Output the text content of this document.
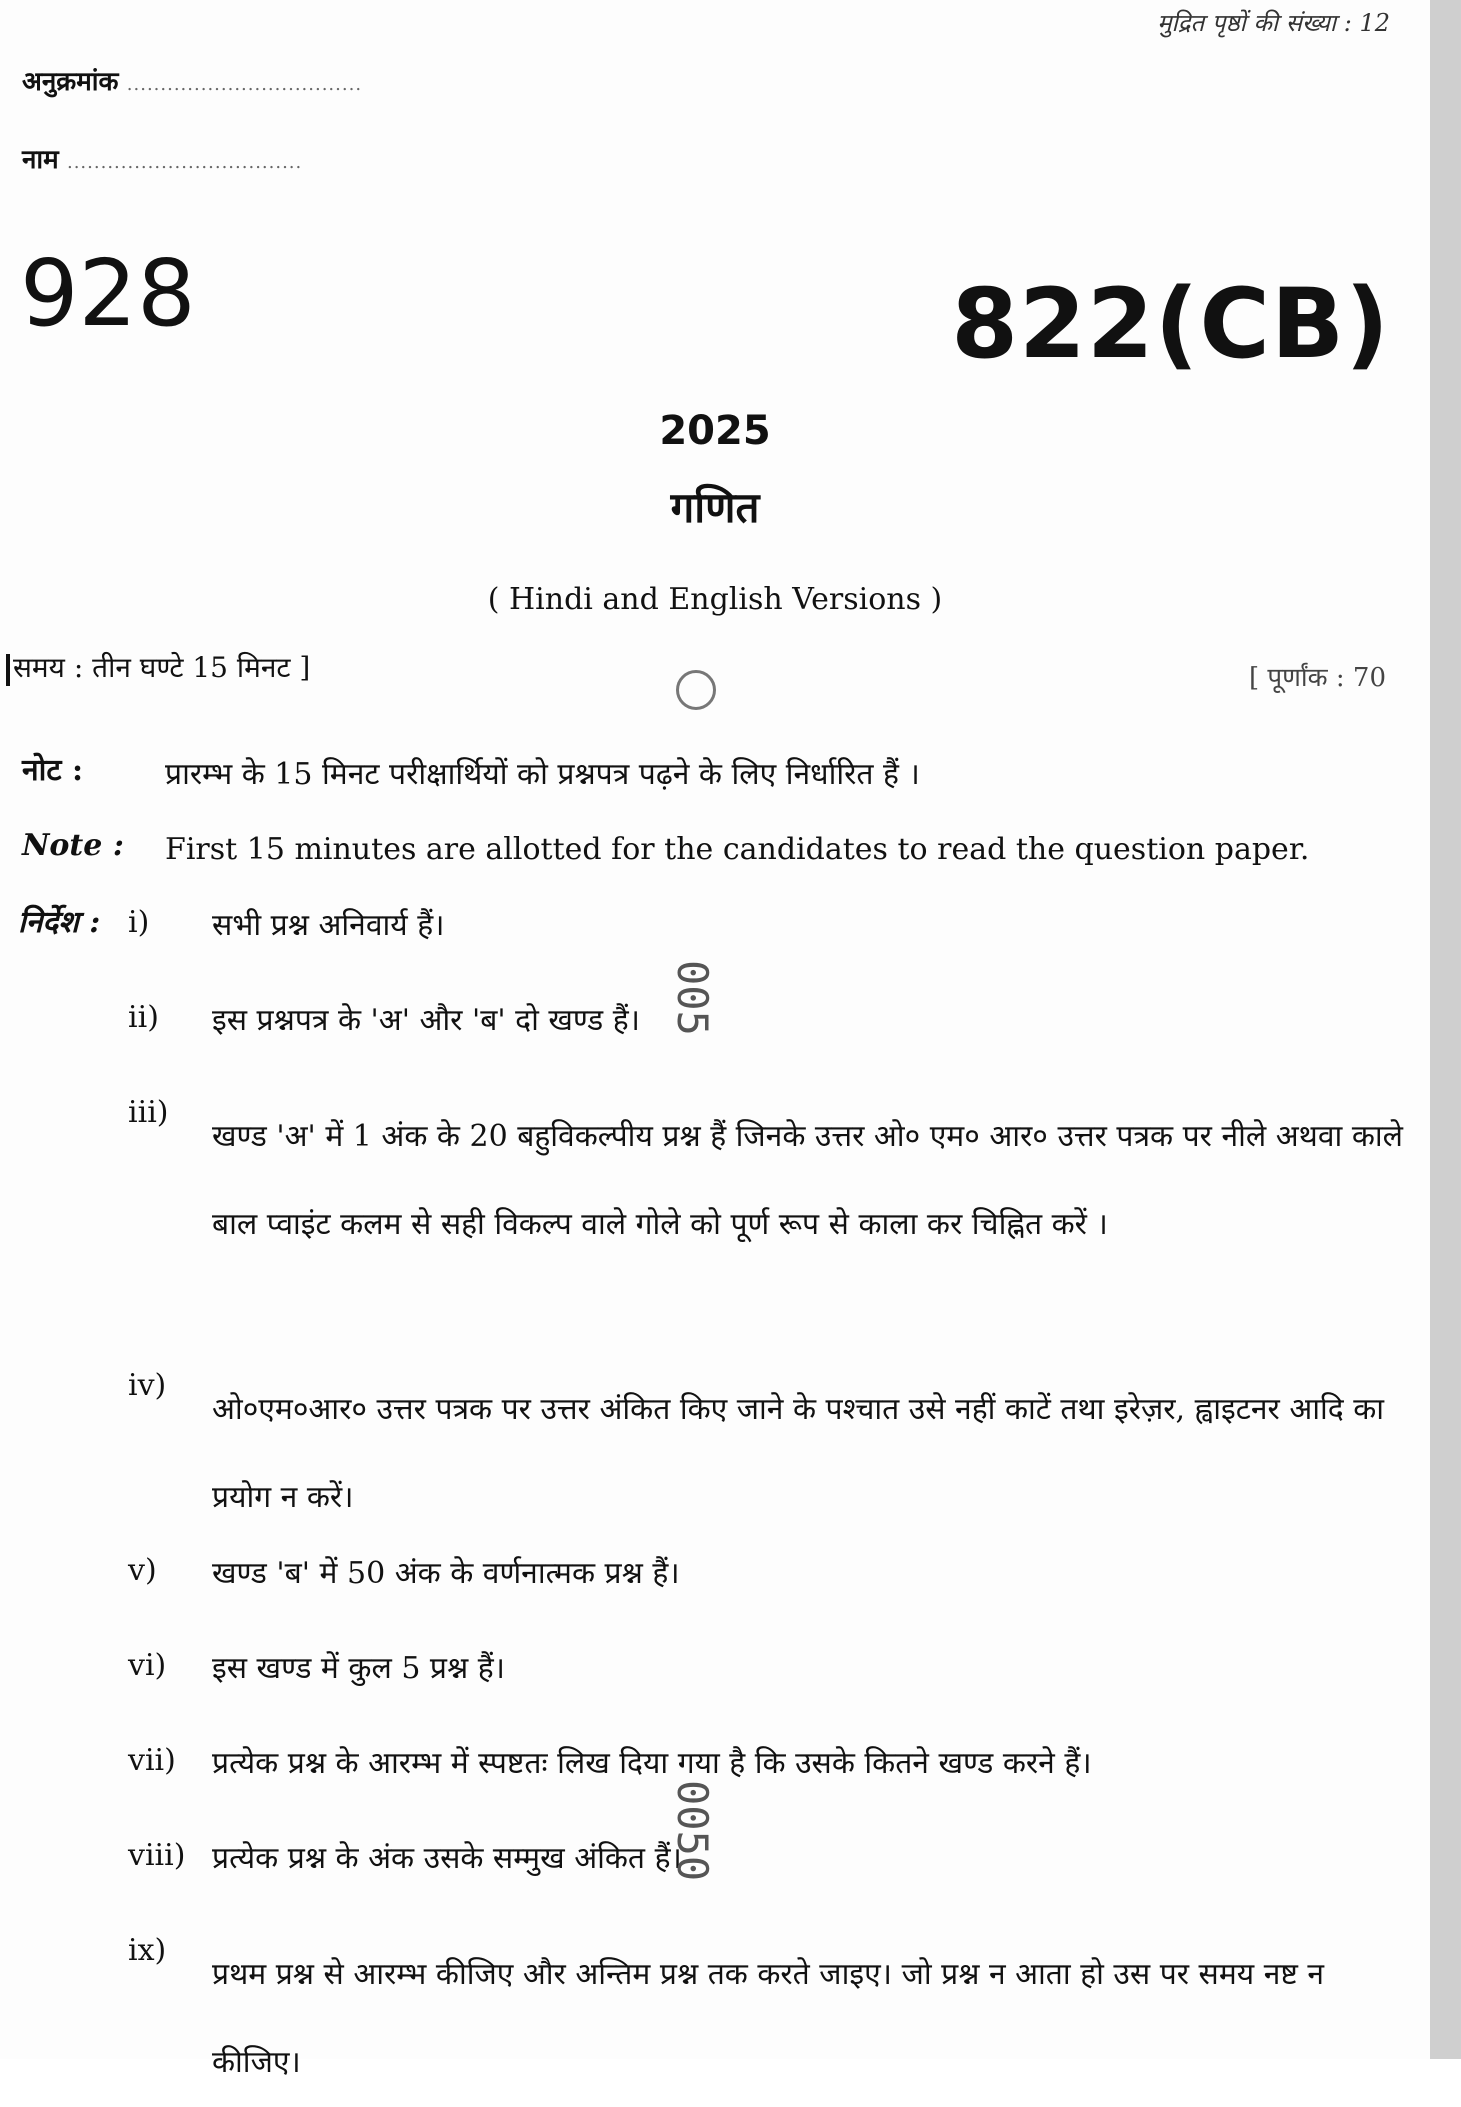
मुद्रित पृष्ठों की संख्या : 12
अनुक्रमांक ...................................
नाम ...................................
928	822(CB)
2025
गणित
( Hindi and English Versions )
समय : तीन घण्टे 15 मिनट ]	[ पूर्णांक : 70
नोट :	प्रारम्भ के 15 मिनट परीक्षार्थियों को प्रश्नपत्र पढ़ने के लिए निर्धारित हैं ।
Note : First 15 minutes are allotted for the candidates to read the question paper.
निर्देश : i) सभी प्रश्न अनिवार्य हैं।
ii) इस प्रश्नपत्र के 'अ' और 'ब' दो खण्ड हैं।
iii)
खण्ड 'अ' में 1 अंक के 20 बहुविकल्पीय प्रश्न हैं जिनके उत्तर ओ० एम० आर० उत्तर पत्रक पर नीले अथवा काले बाल प्वाइंट कलम से सही विकल्प वाले गोले को पूर्ण रूप से काला कर चिह्नित करें ।
iv)
ओ०एम०आर० उत्तर पत्रक पर उत्तर अंकित किए जाने के पश्चात उसे नहीं काटें तथा इरेज़र, ह्वाइटनर आदि का प्रयोग न करें।
v) खण्ड 'ब' में 50 अंक के वर्णनात्मक प्रश्न हैं।
vi) इस खण्ड में कुल 5 प्रश्न हैं।
vii) प्रत्येक प्रश्न के आरम्भ में स्पष्टतः लिख दिया गया है कि उसके कितने खण्ड करने हैं।
viii) प्रत्येक प्रश्न के अंक उसके सम्मुख अंकित हैं।
ix)
प्रथम प्रश्न से आरम्भ कीजिए और अन्तिम प्रश्न तक करते जाइए। जो प्रश्न न आता हो उस पर समय नष्ट न कीजिए।
005
0050
